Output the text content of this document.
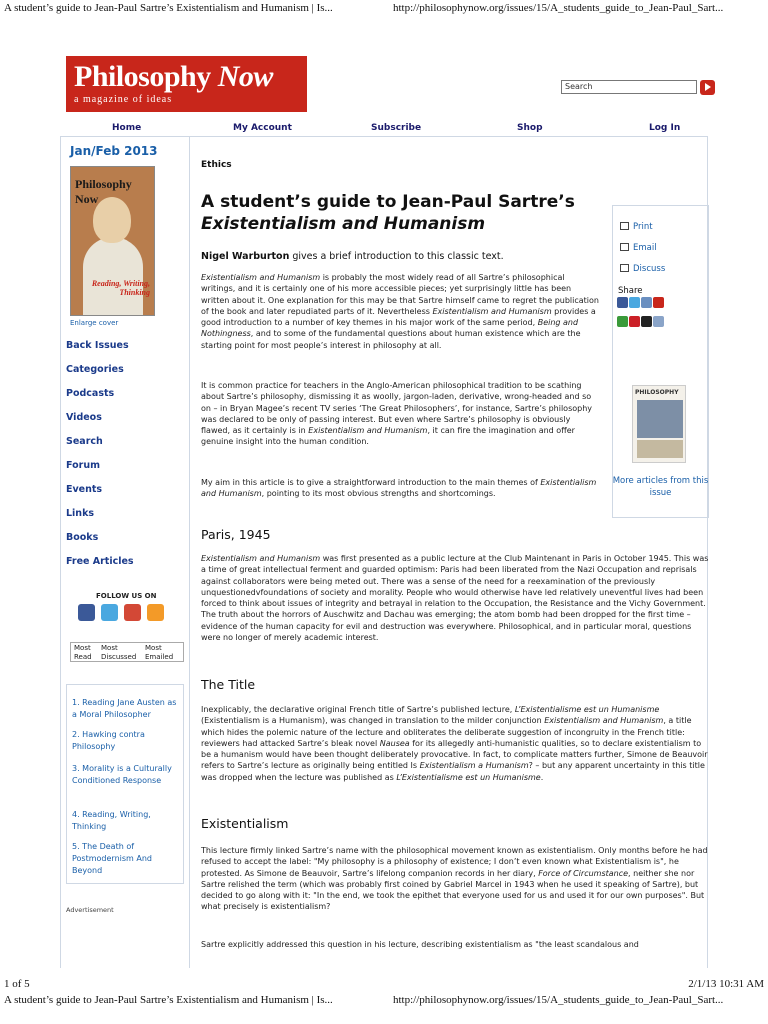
A student’s guide to Jean-Paul Sartre’s Existentialism and Humanism | Is...	http://philosophynow.org/issues/15/A_students_guide_to_Jean-Paul_Sart...
Philosophy Now
a magazine of ideas
Search
Home	My Account	Subscribe	Shop	Log In
Jan/Feb 2013
Philosophy Now
Reading, Writing, Thinking
Enlarge cover
Back Issues
Categories
Podcasts
Videos
Search
Forum
Events
Links
Books
Free Articles
FOLLOW US ON
Most Read
Most Discussed
Most Emailed
1. Reading Jane Austen as a Moral Philosopher
2. Hawking contra Philosophy
3. Morality is a Culturally Conditioned Response
4. Reading, Writing, Thinking
5. The Death of Postmodernism And Beyond
Advertisement
Ethics
A student’s guide to Jean-Paul Sartre’s Existentialism and Humanism
Nigel Warburton gives a brief introduction to this classic text.
Existentialism and Humanism is probably the most widely read of all Sartre’s philosophical writings, and it is certainly one of his more accessible pieces; yet surprisingly little has been written about it. One explanation for this may be that Sartre himself came to regret the publication of the book and later repudiated parts of it. Nevertheless Existentialism and Humanism provides a good introduction to a number of key themes in his major work of the same period, Being and Nothingness, and to some of the fundamental questions about human existence which are the starting point for most people’s interest in philosophy at all.
It is common practice for teachers in the Anglo-American philosophical tradition to be scathing about Sartre’s philosophy, dismissing it as woolly, jargon-laden, derivative, wrong-headed and so on – in Bryan Magee’s recent TV series ‘The Great Philosophers’, for instance, Sartre’s philosophy was declared to be only of passing interest. But even where Sartre’s philosophy is obviously flawed, as it certainly is in Existentialism and Humanism, it can fire the imagination and offer genuine insight into the human condition.
My aim in this article is to give a straightforward introduction to the main themes of Existentialism and Humanism, pointing to its most obvious strengths and shortcomings.
Paris, 1945
Existentialism and Humanism was first presented as a public lecture at the Club Maintenant in Paris in October 1945. This was a time of great intellectual ferment and guarded optimism: Paris had been liberated from the Nazi Occupation and reprisals against collaborators were being meted out. There was a sense of the need for a reexamination of the previously unquestionedvfoundations of society and morality. People who would otherwise have led relatively uneventful lives had been forced to think about issues of integrity and betrayal in relation to the Occupation, the Resistance and the Vichy Government. The truth about the horrors of Auschwitz and Dachau was emerging; the atom bomb had been dropped for the first time – evidence of the human capacity for evil and destruction was everywhere. Philosophical, and in particular moral, questions were no longer of merely academic interest.
The Title
Inexplicably, the declarative original French title of Sartre’s published lecture, L’Existentialisme est un Humanisme (Existentialism is a Humanism), was changed in translation to the milder conjunction Existentialism and Humanism, a title which hides the polemic nature of the lecture and obliterates the deliberate suggestion of incongruity in the French title: reviewers had attacked Sartre’s bleak novel Nausea for its allegedly anti-humanistic qualities, so to declare existentialism to be a humanism would have been thought deliberately provocative. In fact, to complicate matters further, Simone de Beauvoir refers to Sartre’s lecture as originally being entitled Is Existentialism a Humanism? – but any apparent uncertainty in this title was dropped when the lecture was published as L’Existentialisme est un Humanisme.
Existentialism
This lecture firmly linked Sartre’s name with the philosophical movement known as existentialism. Only months before he had refused to accept the label: "My philosophy is a philosophy of existence; I don’t even known what Existentialism is", he protested. As Simone de Beauvoir, Sartre’s lifelong companion records in her diary, Force of Circumstance, neither she nor Sartre relished the term (which was probably first coined by Gabriel Marcel in 1943 when he used it speaking of Sartre), but decided to go along with it: "In the end, we took the epithet that everyone used for us and used it for our own purposes". But what precisely is existentialism?
Sartre explicitly addressed this question in his lecture, describing existentialism as "the least scandalous and
Print
Email
Discuss
Share

PHILOSOPHY
More articles from this issue
1 of 5	2/1/13 10:31 AM
A student’s guide to Jean-Paul Sartre’s Existentialism and Humanism | Is...	http://philosophynow.org/issues/15/A_students_guide_to_Jean-Paul_Sart...
